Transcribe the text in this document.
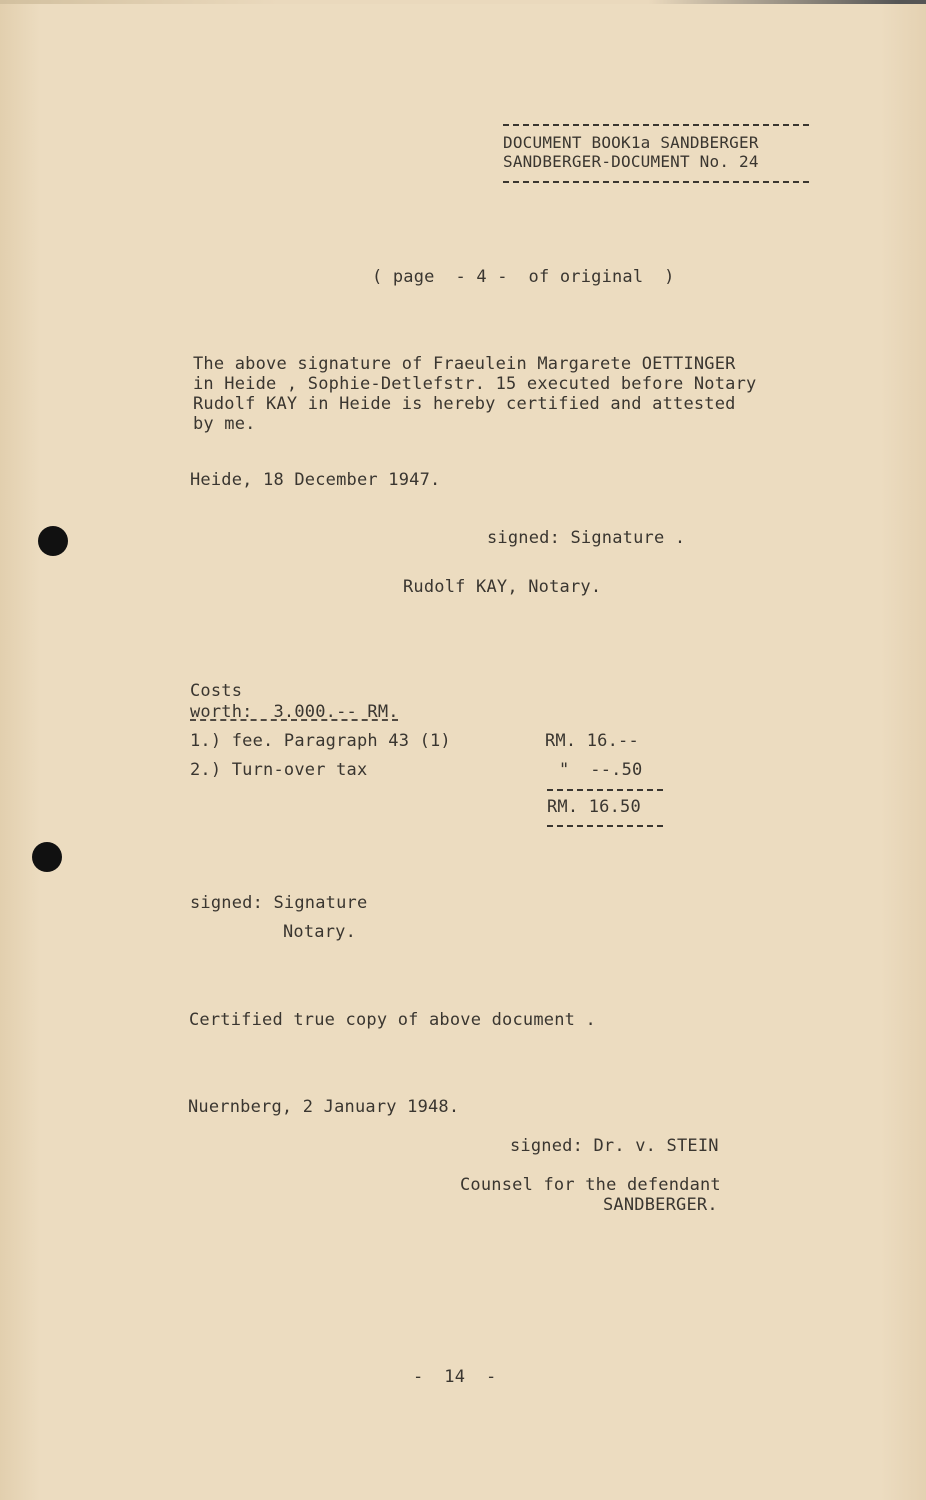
DOCUMENT BOOK1a SANDBERGER
SANDBERGER-DOCUMENT No. 24
( page  - 4 -  of original  )
The above signature of Fraeulein Margarete OETTINGER
in Heide , Sophie-Detlefstr. 15 executed before Notary
Rudolf KAY in Heide is hereby certified and attested
by me.
Heide, 18 December 1947.
signed: Signature .
Rudolf KAY, Notary.
Costs
worth:  3.000.-- RM.
1.) fee. Paragraph 43 (1)	RM. 16.--
2.) Turn-over tax	"  --.50
RM. 16.50
signed: Signature
Notary.
Certified true copy of above document .
Nuernberg, 2 January 1948.
signed: Dr. v. STEIN
Counsel for the defendant
SANDBERGER.
-  14  -
